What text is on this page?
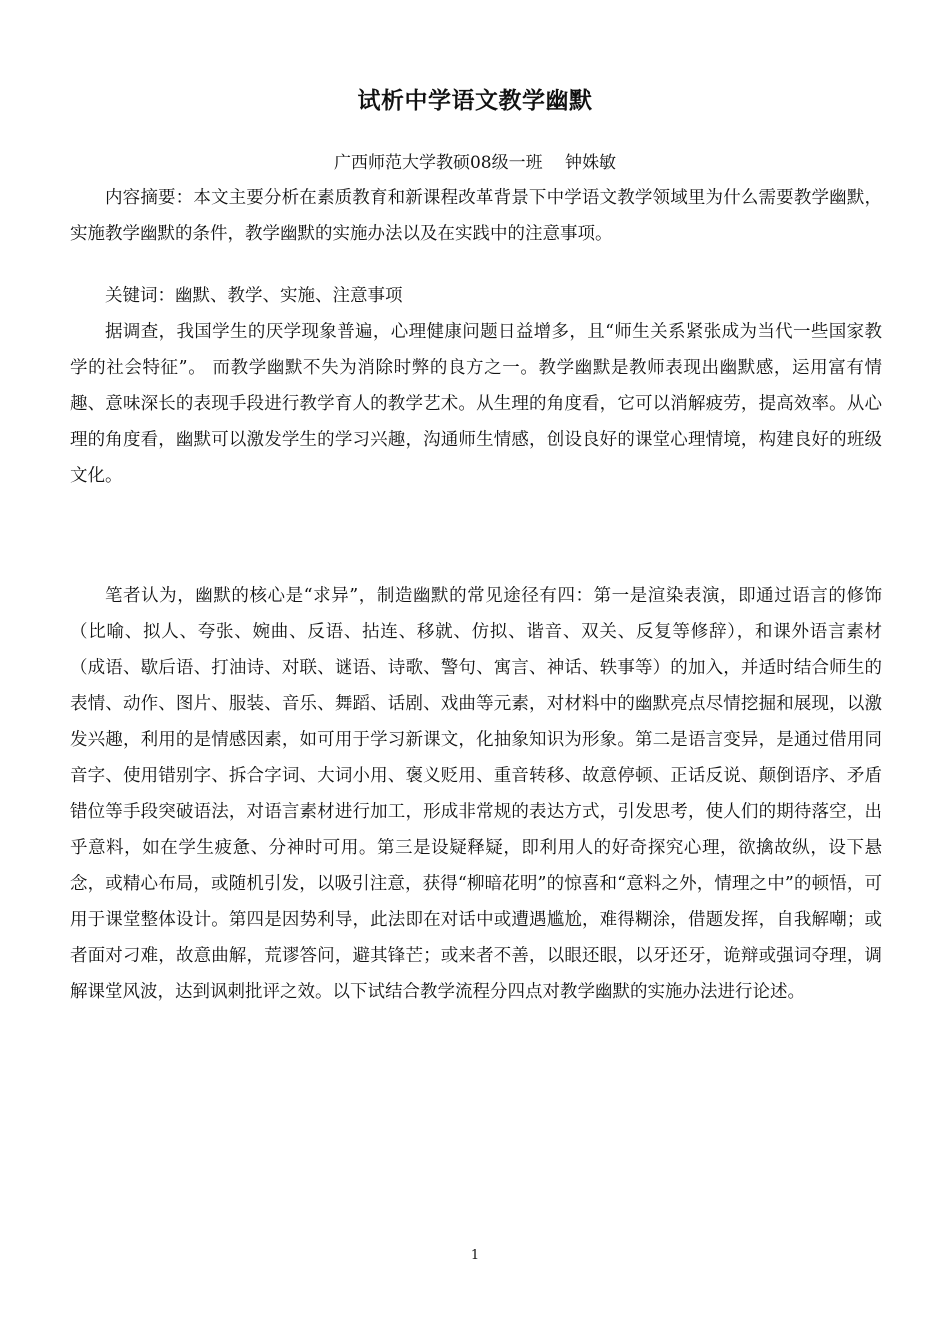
试析中学语文教学幽默
广西师范大学教硕08级一班　 钟姝敏

内容摘要：本文主要分析在素质教育和新课程改革背景下中学语文教学领域里为什么需要教学幽默，实施教学幽默的条件，教学幽默的实施办法以及在实践中的注意事项。

关键词：幽默、教学、实施、注意事项

据调查，我国学生的厌学现象普遍，心理健康问题日益增多，且“师生关系紧张成为当代一些国家教学的社会特征”。 而教学幽默不失为消除时弊的良方之一。教学幽默是教师表现出幽默感，运用富有情趣、意味深长的表现手段进行教学育人的教学艺术。从生理的角度看，它可以消解疲劳，提高效率。从心理的角度看，幽默可以激发学生的学习兴趣，沟通师生情感，创设良好的课堂心理情境，构建良好的班级文化。

笔者认为，幽默的核心是“求异”，制造幽默的常见途径有四：第一是渲染表演，即通过语言的修饰（比喻、拟人、夸张、婉曲、反语、拈连、移就、仿拟、谐音、双关、反复等修辞），和课外语言素材（成语、歇后语、打油诗、对联、谜语、诗歌、警句、寓言、神话、轶事等）的加入，并适时结合师生的表情、动作、图片、服装、音乐、舞蹈、话剧、戏曲等元素，对材料中的幽默亮点尽情挖掘和展现，以激发兴趣，利用的是情感因素，如可用于学习新课文，化抽象知识为形象。第二是语言变异，是通过借用同音字、使用错别字、拆合字词、大词小用、褒义贬用、重音转移、故意停顿、正话反说、颠倒语序、矛盾错位等手段突破语法，对语言素材进行加工，形成非常规的表达方式，引发思考，使人们的期待落空，出乎意料，如在学生疲惫、分神时可用。第三是设疑释疑，即利用人的好奇探究心理，欲擒故纵，设下悬念，或精心布局，或随机引发，以吸引注意，获得“柳暗花明”的惊喜和“意料之外，情理之中”的顿悟，可用于课堂整体设计。第四是因势利导，此法即在对话中或遭遇尴尬，难得糊涂，借题发挥，自我解嘲；或者面对刁难，故意曲解，荒谬答问，避其锋芒；或来者不善，以眼还眼，以牙还牙，诡辩或强词夺理，调解课堂风波，达到讽刺批评之效。以下试结合教学流程分四点对教学幽默的实施办法进行论述。

1
